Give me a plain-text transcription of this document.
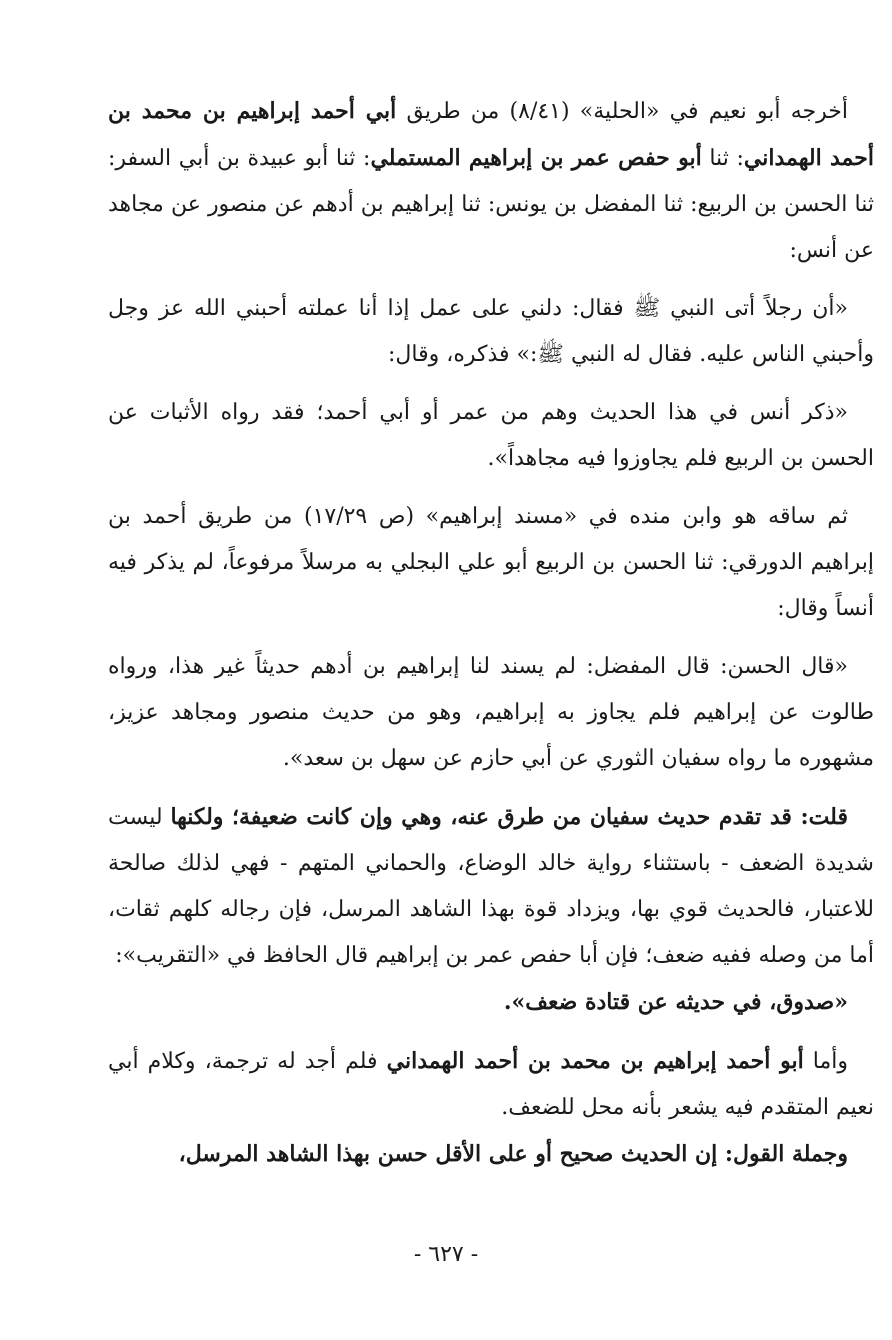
أخرجه أبو نعيم في «الحلية» (٨/٤١) من طريق أبي أحمد إبراهيم بن محمد بن أحمد الهمداني: ثنا أبو حفص عمر بن إبراهيم المستملي: ثنا أبو عبيدة بن أبي السفر: ثنا الحسن بن الربيع: ثنا المفضل بن يونس: ثنا إبراهيم بن أدهم عن منصور عن مجاهد عن أنس:

«أن رجلاً أتى النبي ﷺ فقال: دلني على عمل إذا أنا عملته أحبني الله عز وجل وأحبني الناس عليه. فقال له النبي ﷺ:» فذكره، وقال:

«ذكر أنس في هذا الحديث وهم من عمر أو أبي أحمد؛ فقد رواه الأثبات عن الحسن بن الربيع فلم يجاوزوا فيه مجاهداً».

ثم ساقه هو وابن منده في «مسند إبراهيم» (ص ١٧/٢٩) من طريق أحمد بن إبراهيم الدورقي: ثنا الحسن بن الربيع أبو علي البجلي به مرسلاً مرفوعاً، لم يذكر فيه أنساً وقال:

«قال الحسن: قال المفضل: لم يسند لنا إبراهيم بن أدهم حديثاً غير هذا، ورواه طالوت عن إبراهيم فلم يجاوز به إبراهيم، وهو من حديث منصور ومجاهد عزيز، مشهوره ما رواه سفيان الثوري عن أبي حازم عن سهل بن سعد».

قلت: قد تقدم حديث سفيان من طرق عنه، وهي وإن كانت ضعيفة؛ ولكنها ليست شديدة الضعف - باستثناء رواية خالد الوضاع، والحماني المتهم - فهي لذلك صالحة للاعتبار، فالحديث قوي بها، ويزداد قوة بهذا الشاهد المرسل، فإن رجاله كلهم ثقات، أما من وصله ففيه ضعف؛ فإن أبا حفص عمر بن إبراهيم قال الحافظ في «التقريب»:

«صدوق، في حديثه عن قتادة ضعف».

وأما أبو أحمد إبراهيم بن محمد بن أحمد الهمداني فلم أجد له ترجمة، وكلام أبي نعيم المتقدم فيه يشعر بأنه محل للضعف.

وجملة القول: إن الحديث صحيح أو على الأقل حسن بهذا الشاهد المرسل،

- ٦٢٧ -
